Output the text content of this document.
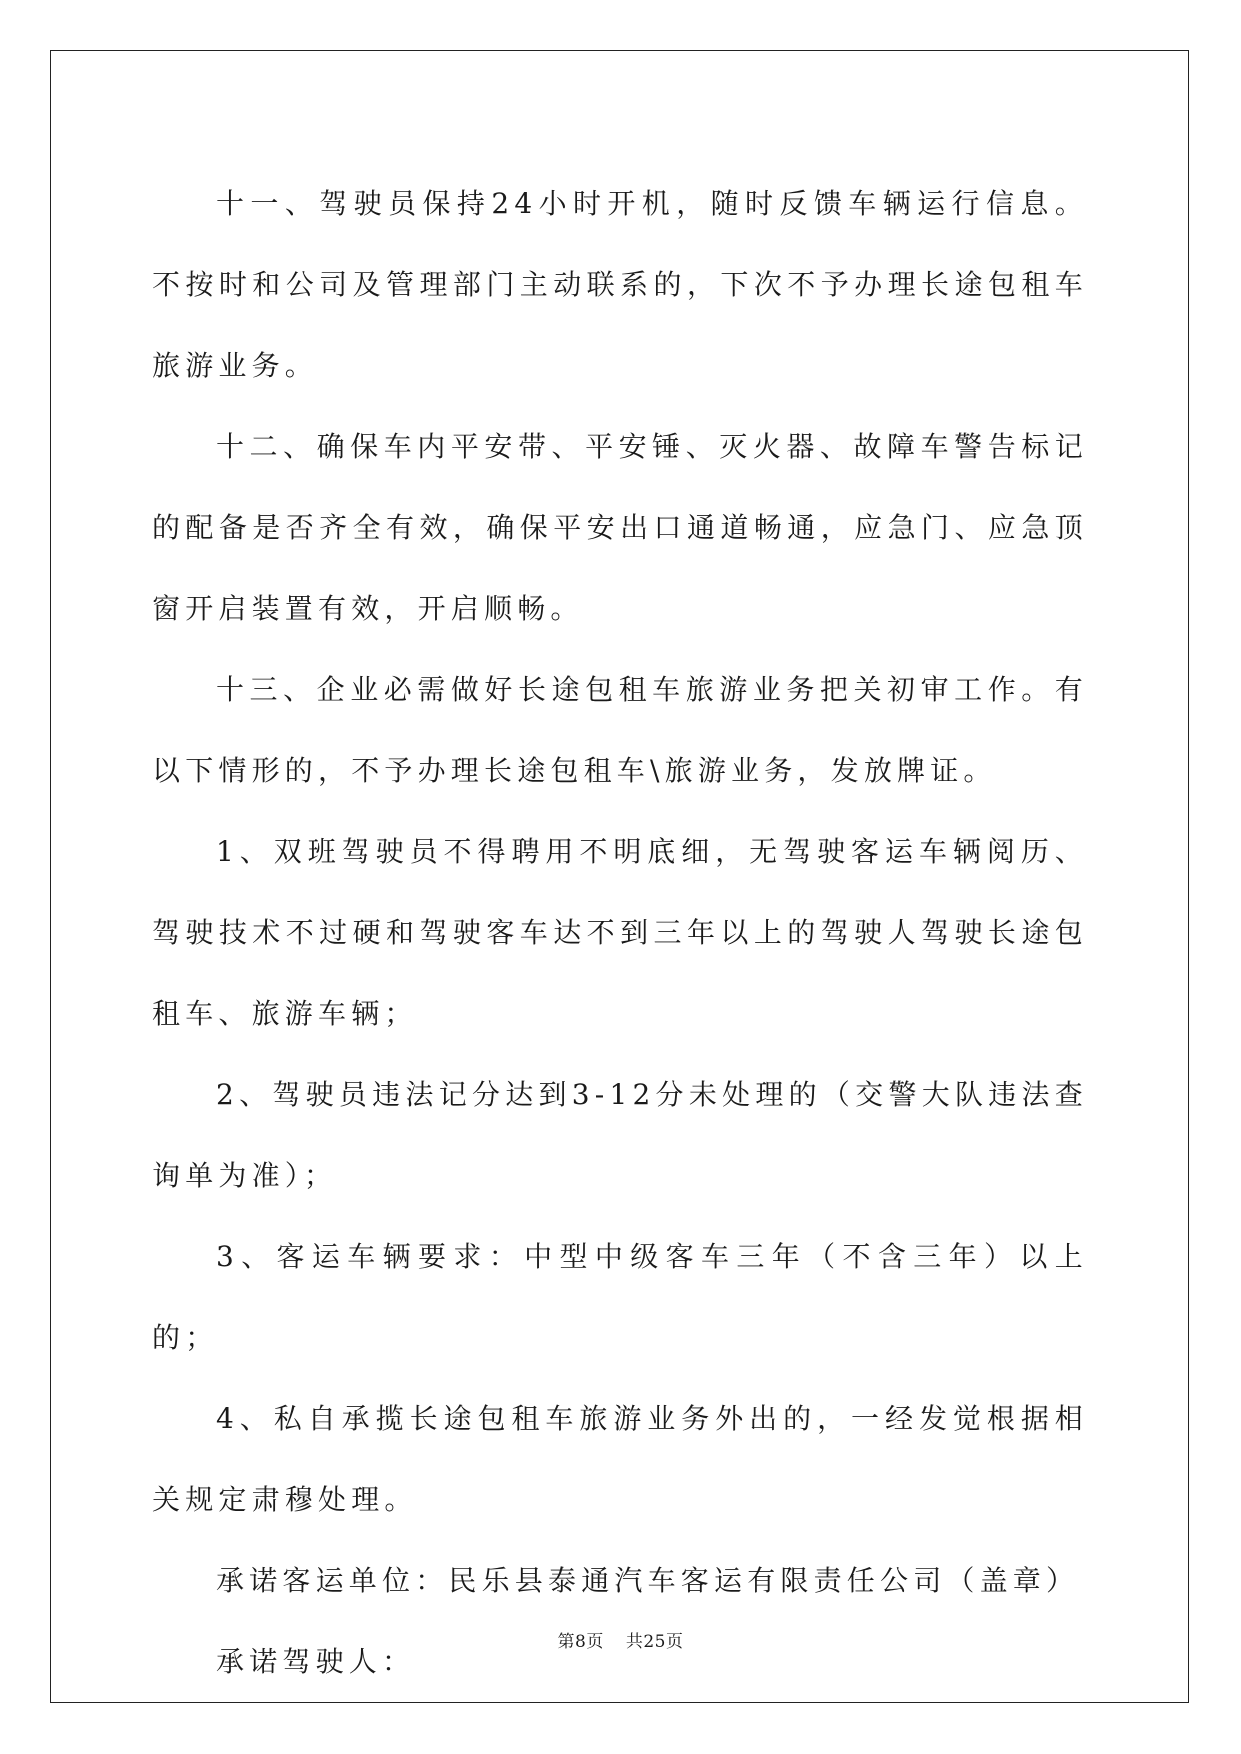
十一、驾驶员保持24小时开机，随时反馈车辆运行信息。不按时和公司及管理部门主动联系的，下次不予办理长途包租车旅游业务。

十二、确保车内平安带、平安锤、灭火器、故障车警告标记的配备是否齐全有效，确保平安出口通道畅通，应急门、应急顶窗开启装置有效，开启顺畅。

十三、企业必需做好长途包租车旅游业务把关初审工作。有以下情形的，不予办理长途包租车\旅游业务，发放牌证。

1、双班驾驶员不得聘用不明底细，无驾驶客运车辆阅历、驾驶技术不过硬和驾驶客车达不到三年以上的驾驶人驾驶长途包租车、旅游车辆；

2、驾驶员违法记分达到3-12分未处理的（交警大队违法查询单为准）；

3、客运车辆要求：中型中级客车三年（不含三年）以上的；

4、私自承揽长途包租车旅游业务外出的，一经发觉根据相关规定肃穆处理。

承诺客运单位：民乐县泰通汽车客运有限责任公司（盖章）

承诺驾驶人：

第8页 共25页
